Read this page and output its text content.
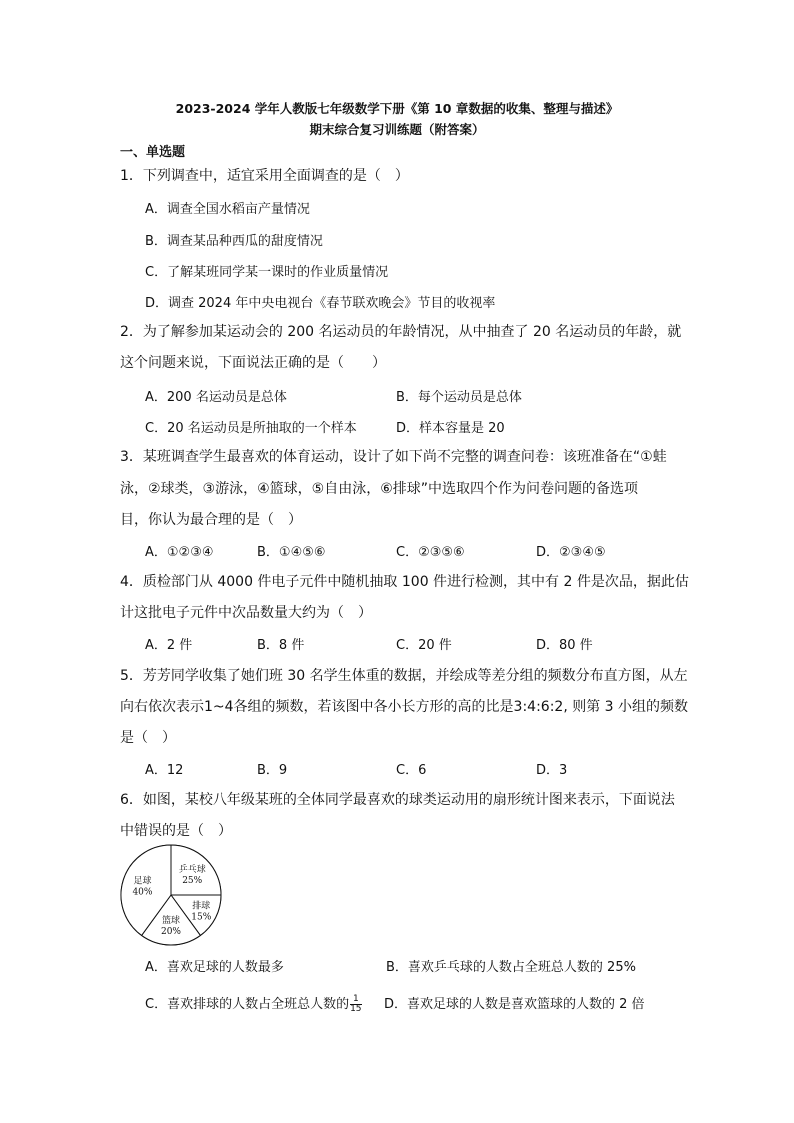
2023-2024 学年人教版七年级数学下册《第 10 章数据的收集、整理与描述》
期末综合复习训练题（附答案）
一、单选题
1．下列调查中，适宜采用全面调查的是（　）
A．调查全国水稻亩产量情况
B．调查某品种西瓜的甜度情况
C．了解某班同学某一课时的作业质量情况
D．调查 2024 年中央电视台《春节联欢晚会》节目的收视率
2．为了解参加某运动会的 200 名运动员的年龄情况，从中抽查了 20 名运动员的年龄，就
这个问题来说，下面说法正确的是（　　）
A．200 名运动员是总体	B．每个运动员是总体
C．20 名运动员是所抽取的一个样本	D．样本容量是 20
3．某班调查学生最喜欢的体育运动，设计了如下尚不完整的调查问卷：该班准备在“①蛙
泳，②球类，③游泳，④篮球，⑤自由泳，⑥排球”中选取四个作为问卷问题的备选项
目，你认为最合理的是（　）
A．①②③④	B．①④⑤⑥	C．②③⑤⑥	D．②③④⑤
4．质检部门从 4000 件电子元件中随机抽取 100 件进行检测，其中有 2 件是次品，据此估
计这批电子元件中次品数量大约为（　）
A．2 件	B．8 件	C．20 件	D．80 件
5．芳芳同学收集了她们班 30 名学生体重的数据，并绘成等差分组的频数分布直方图，从左
向右依次表示1~4各组的频数，若该图中各小长方形的高的比是3:4:6:2, 则第 3 小组的频数
是（　）
A．12	B．9	C．6	D．3
6．如图，某校八年级某班的全体同学最喜欢的球类运动用的扇形统计图来表示，下面说法
中错误的是（　）
乒乓球
25%
排球
15%
篮球
20%
足球
40%
A．喜欢足球的人数最多	B．喜欢乒乓球的人数占全班总人数的 25%
C．喜欢排球的人数占全班总人数的 $\frac{1}{15}$ D．喜欢足球的人数是喜欢篮球的人数的 2 倍
